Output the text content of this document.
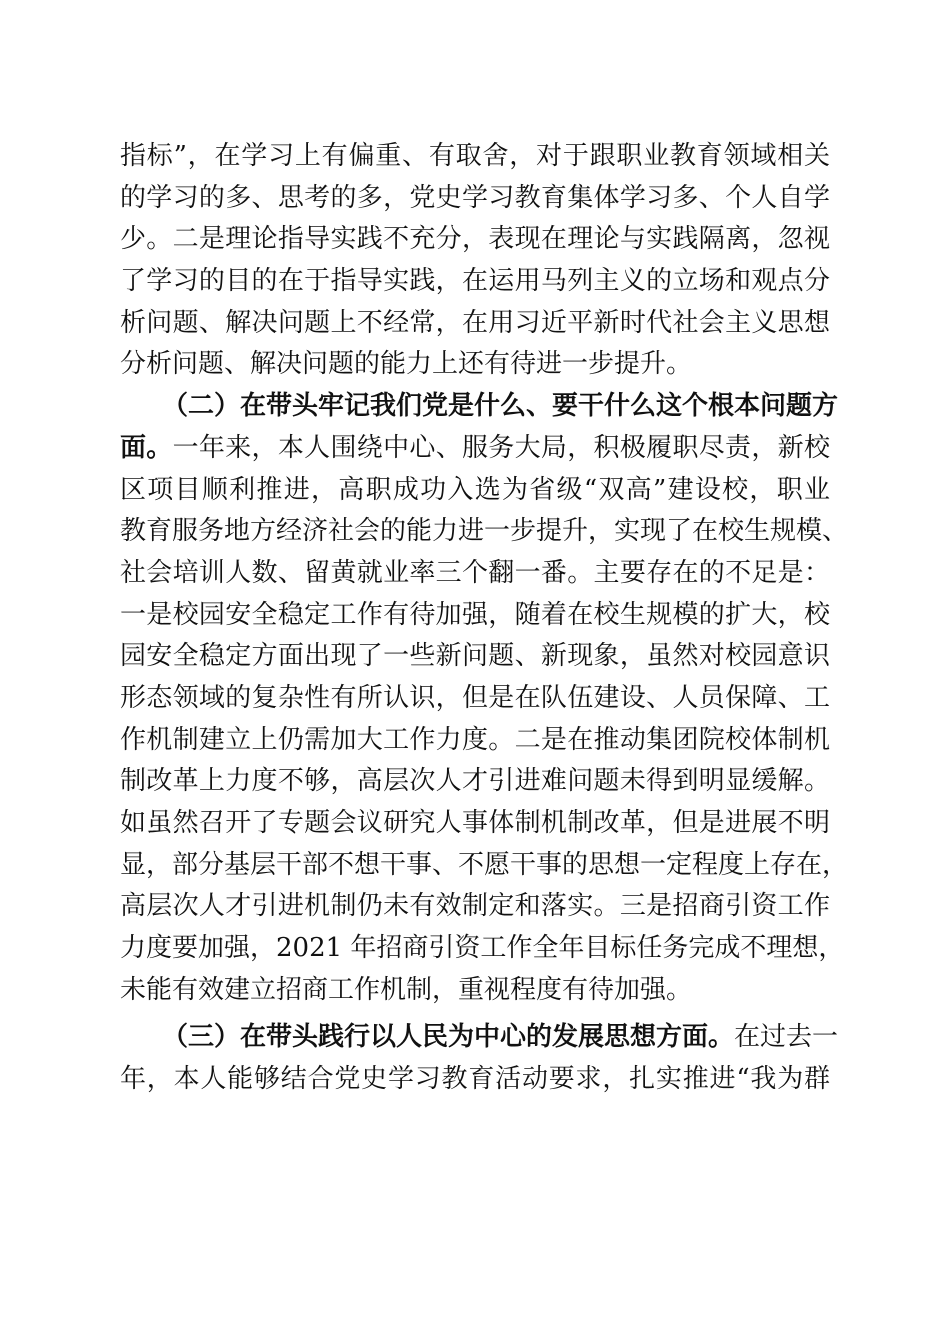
指标”，在学习上有偏重、有取舍，对于跟职业教育领域相关
的学习的多、思考的多，党史学习教育集体学习多、个人自学
少。二是理论指导实践不充分，表现在理论与实践隔离，忽视
了学习的目的在于指导实践，在运用马列主义的立场和观点分
析问题、解决问题上不经常，在用习近平新时代社会主义思想
分析问题、解决问题的能力上还有待进一步提升。
（二）在带头牢记我们党是什么、要干什么这个根本问题方
面。一年来，本人围绕中心、服务大局，积极履职尽责，新校
区项目顺利推进，高职成功入选为省级“双高”建设校，职业
教育服务地方经济社会的能力进一步提升，实现了在校生规模、
社会培训人数、留黄就业率三个翻一番。主要存在的不足是：
一是校园安全稳定工作有待加强，随着在校生规模的扩大，校
园安全稳定方面出现了一些新问题、新现象，虽然对校园意识
形态领域的复杂性有所认识，但是在队伍建设、人员保障、工
作机制建立上仍需加大工作力度。二是在推动集团院校体制机
制改革上力度不够，高层次人才引进难问题未得到明显缓解。
如虽然召开了专题会议研究人事体制机制改革，但是进展不明
显，部分基层干部不想干事、不愿干事的思想一定程度上存在，
高层次人才引进机制仍未有效制定和落实。三是招商引资工作
力度要加强，2021 年招商引资工作全年目标任务完成不理想，
未能有效建立招商工作机制，重视程度有待加强。
（三）在带头践行以人民为中心的发展思想方面。在过去一
年，本人能够结合党史学习教育活动要求，扎实推进“我为群
